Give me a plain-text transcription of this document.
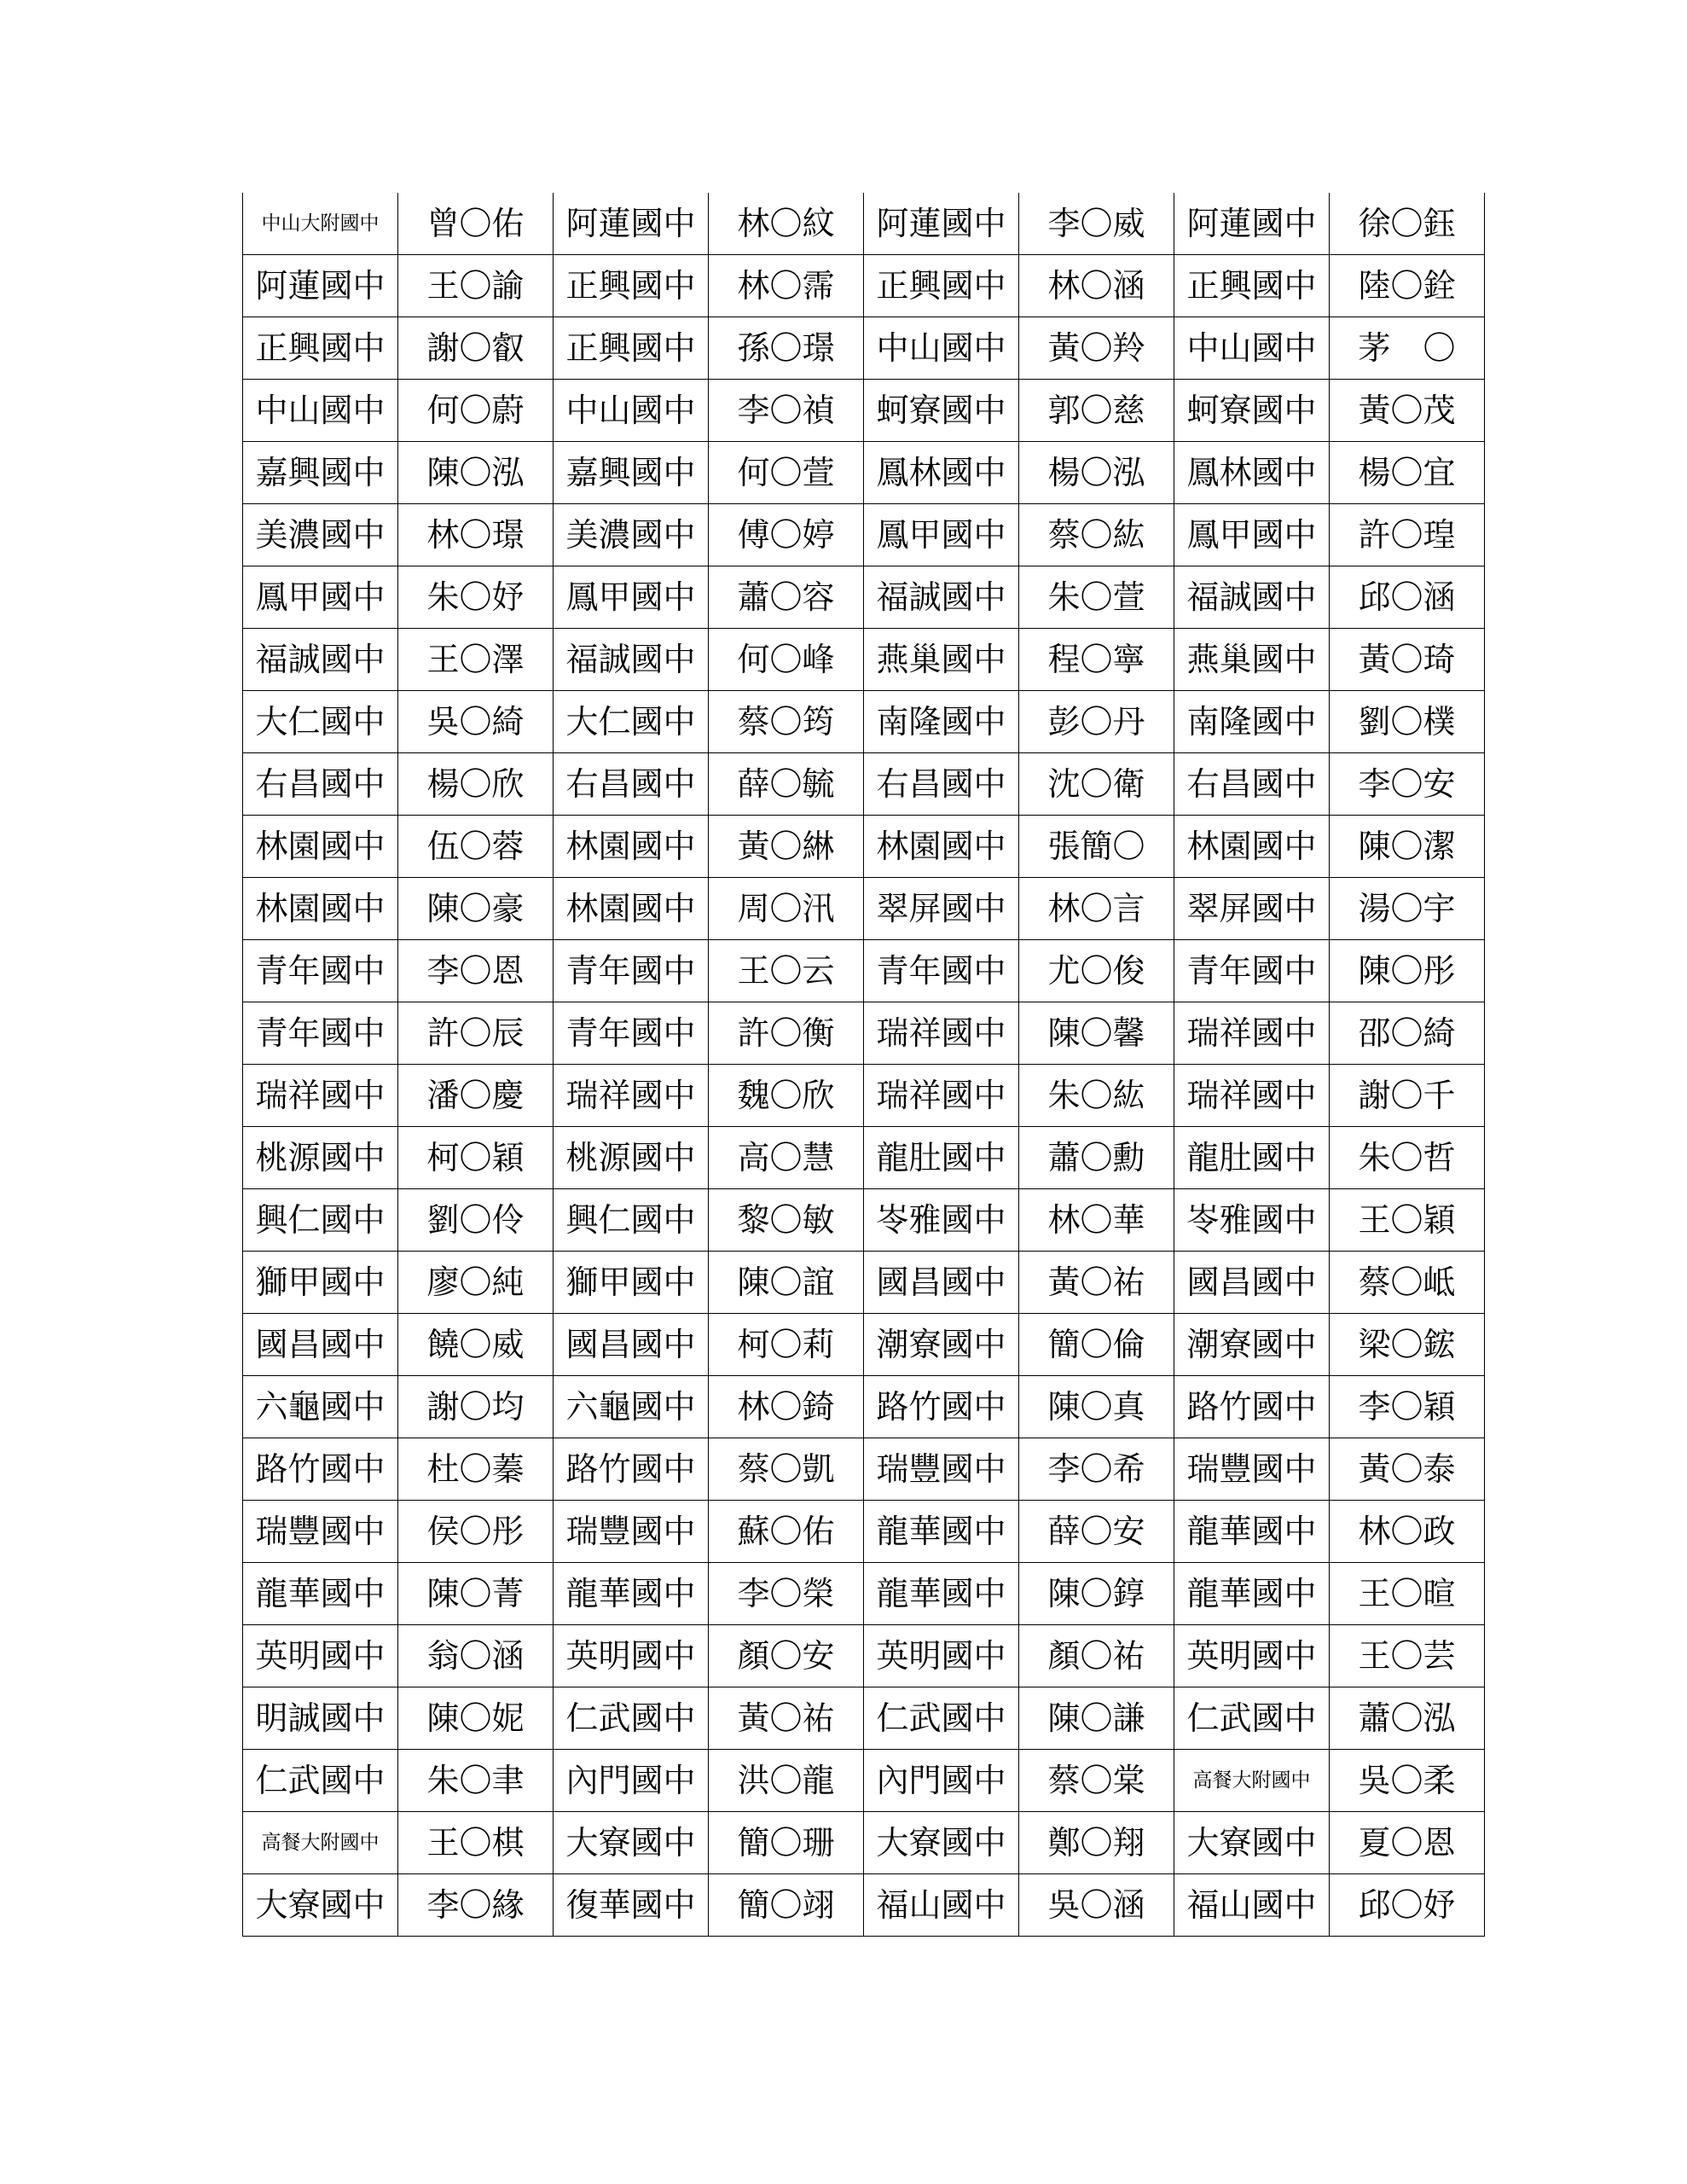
中山大附國中	曾〇佑	阿蓮國中	林〇紋	阿蓮國中	李〇威	阿蓮國中	徐〇鈺
阿蓮國中	王〇諭	正興國中	林〇霈	正興國中	林〇涵	正興國中	陸〇銓
正興國中	謝〇叡	正興國中	孫〇璟	中山國中	黃〇羚	中山國中	茅　〇
中山國中	何〇蔚	中山國中	李〇禎	蚵寮國中	郭〇慈	蚵寮國中	黃〇茂
嘉興國中	陳〇泓	嘉興國中	何〇萱	鳳林國中	楊〇泓	鳳林國中	楊〇宜
美濃國中	林〇璟	美濃國中	傅〇婷	鳳甲國中	蔡〇紘	鳳甲國中	許〇瑝
鳳甲國中	朱〇妤	鳳甲國中	蕭〇容	福誠國中	朱〇萱	福誠國中	邱〇涵
福誠國中	王〇澤	福誠國中	何〇峰	燕巢國中	程〇寧	燕巢國中	黃〇琦
大仁國中	吳〇綺	大仁國中	蔡〇筠	南隆國中	彭〇丹	南隆國中	劉〇樸
右昌國中	楊〇欣	右昌國中	薛〇毓	右昌國中	沈〇衛	右昌國中	李〇安
林園國中	伍〇蓉	林園國中	黃〇綝	林園國中	張簡〇	林園國中	陳〇潔
林園國中	陳〇豪	林園國中	周〇汛	翠屏國中	林〇言	翠屏國中	湯〇宇
青年國中	李〇恩	青年國中	王〇云	青年國中	尤〇俊	青年國中	陳〇彤
青年國中	許〇辰	青年國中	許〇衡	瑞祥國中	陳〇馨	瑞祥國中	邵〇綺
瑞祥國中	潘〇慶	瑞祥國中	魏〇欣	瑞祥國中	朱〇紘	瑞祥國中	謝〇千
桃源國中	柯〇穎	桃源國中	高〇慧	龍肚國中	蕭〇勳	龍肚國中	朱〇哲
興仁國中	劉〇伶	興仁國中	黎〇敏	岺雅國中	林〇華	岺雅國中	王〇穎
獅甲國中	廖〇純	獅甲國中	陳〇誼	國昌國中	黃〇祐	國昌國中	蔡〇岻
國昌國中	饒〇威	國昌國中	柯〇莉	潮寮國中	簡〇倫	潮寮國中	梁〇鋐
六龜國中	謝〇均	六龜國中	林〇錡	路竹國中	陳〇真	路竹國中	李〇穎
路竹國中	杜〇蓁	路竹國中	蔡〇凱	瑞豐國中	李〇希	瑞豐國中	黃〇泰
瑞豐國中	侯〇彤	瑞豐國中	蘇〇佑	龍華國中	薛〇安	龍華國中	林〇政
龍華國中	陳〇菁	龍華國中	李〇榮	龍華國中	陳〇錞	龍華國中	王〇暄
英明國中	翁〇涵	英明國中	顏〇安	英明國中	顏〇祐	英明國中	王〇芸
明誠國中	陳〇妮	仁武國中	黃〇祐	仁武國中	陳〇謙	仁武國中	蕭〇泓
仁武國中	朱〇聿	內門國中	洪〇龍	內門國中	蔡〇棠	高餐大附國中	吳〇柔
高餐大附國中	王〇棋	大寮國中	簡〇珊	大寮國中	鄭〇翔	大寮國中	夏〇恩
大寮國中	李〇緣	復華國中	簡〇翊	福山國中	吳〇涵	福山國中	邱〇妤
